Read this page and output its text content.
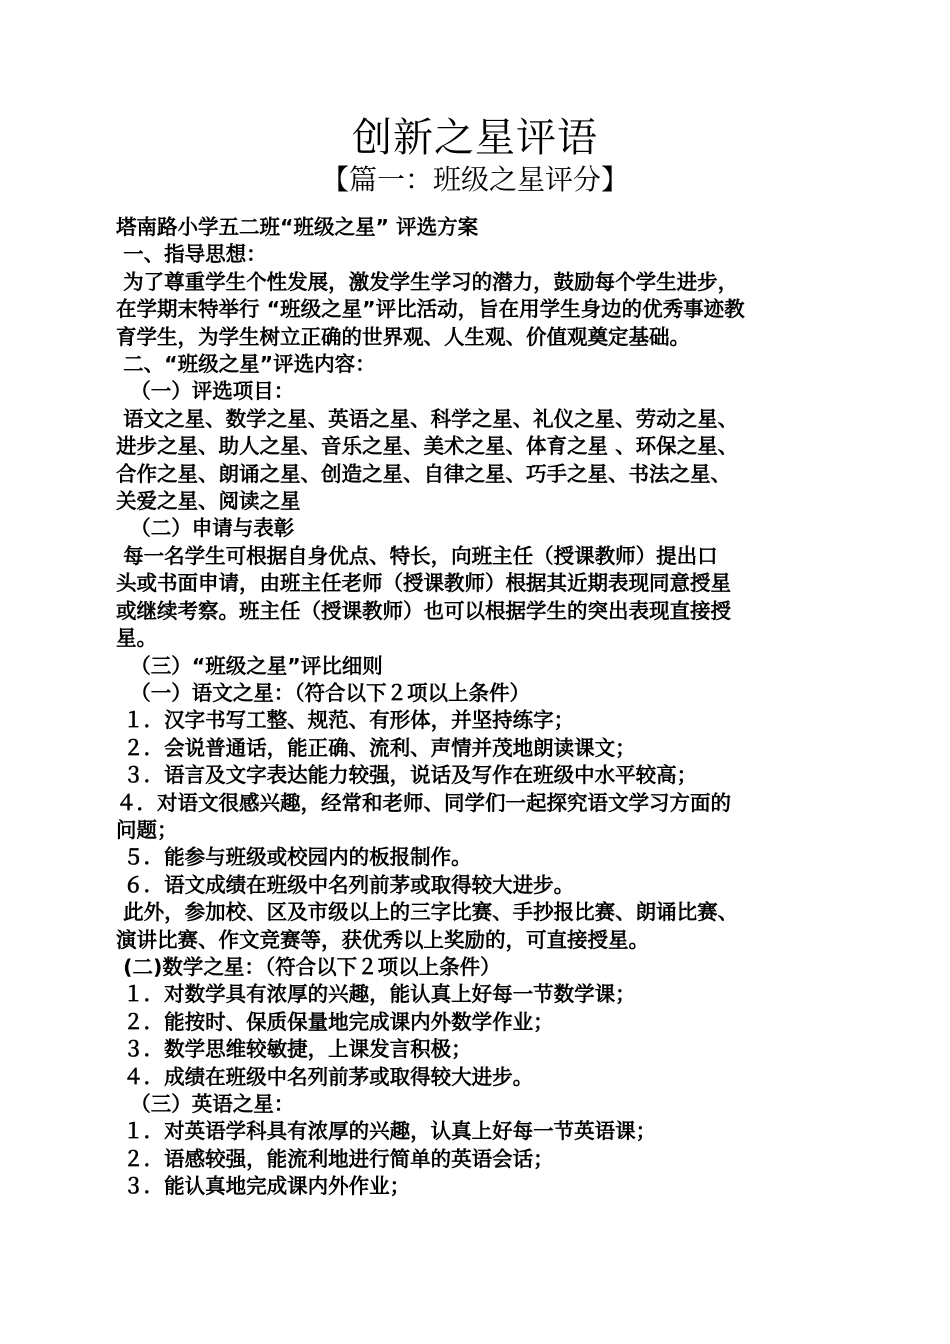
创新之星评语
【篇一：班级之星评分】
塔南路小学五二班“班级之星” 评选方案
一、指导思想：
为了尊重学生个性发展，激发学生学习的潜力，鼓励每个学生进步，
在学期末特举行 “班级之星”评比活动，旨在用学生身边的优秀事迹教
育学生，为学生树立正确的世界观、人生观、价值观奠定基础。
二、“班级之星”评选内容：
（一）评选项目：
语文之星、数学之星、英语之星、科学之星、礼仪之星、劳动之星、
进步之星、助人之星、音乐之星、美术之星、体育之星 、环保之星、
合作之星、朗诵之星、创造之星、自律之星、巧手之星、书法之星、
关爱之星、阅读之星
（二）申请与表彰
每一名学生可根据自身优点、特长，向班主任（授课教师）提出口
头或书面申请，由班主任老师（授课教师）根据其近期表现同意授星
或继续考察。班主任（授课教师）也可以根据学生的突出表现直接授
星。
（三）“班级之星”评比细则
（一）语文之星：（符合以下２项以上条件）
１．汉字书写工整、规范、有形体，并坚持练字；
２．会说普通话，能正确、流利、声情并茂地朗读课文；
３．语言及文字表达能力较强，说话及写作在班级中水平较高；
４．对语文很感兴趣，经常和老师、同学们一起探究语文学习方面的
问题；
５．能参与班级或校园内的板报制作。
６．语文成绩在班级中名列前茅或取得较大进步。
此外，参加校、区及市级以上的三字比赛、手抄报比赛、朗诵比赛、
演讲比赛、作文竞赛等，获优秀以上奖励的，可直接授星。
(二)数学之星：（符合以下２项以上条件）
１．对数学具有浓厚的兴趣，能认真上好每一节数学课；
２．能按时、保质保量地完成课内外数学作业；
３．数学思维较敏捷，上课发言积极；
４．成绩在班级中名列前茅或取得较大进步。
（三）英语之星：
１．对英语学科具有浓厚的兴趣，认真上好每一节英语课；
２．语感较强，能流利地进行简单的英语会话；
３．能认真地完成课内外作业；
